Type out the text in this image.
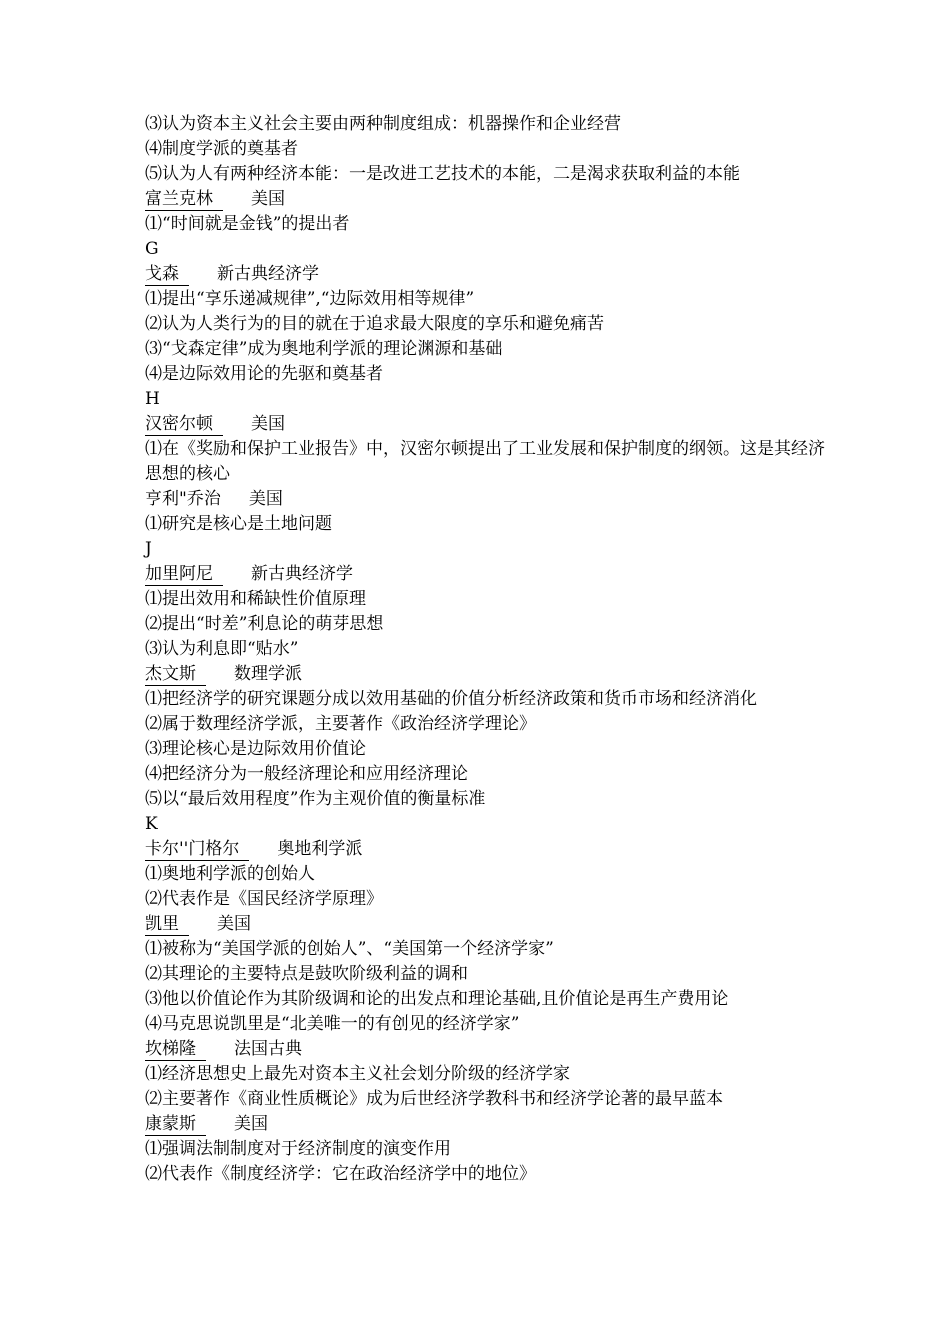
⑶认为资本主义社会主要由两种制度组成：机器操作和企业经营
⑷制度学派的奠基者
⑸认为人有两种经济本能：一是改进工艺技术的本能，二是渴求获取利益的本能
富兰克林 美国
⑴“时间就是金钱”的提出者
G
戈森 新古典经济学
⑴提出“享乐递减规律”,“边际效用相等规律”
⑵认为人类行为的目的就在于追求最大限度的享乐和避免痛苦
⑶“戈森定律”成为奥地利学派的理论渊源和基础
⑷是边际效用论的先驱和奠基者
H
汉密尔顿 美国
⑴在《奖励和保护工业报告》中，汉密尔顿提出了工业发展和保护制度的纲领。这是其经济思想的核心
亨利"乔治 美国
⑴研究是核心是土地问题
J
加里阿尼 新古典经济学
⑴提出效用和稀缺性价值原理
⑵提出“时差”利息论的萌芽思想
⑶认为利息即“贴水”
杰文斯 数理学派
⑴把经济学的研究课题分成以效用基础的价值分析经济政策和货币市场和经济消化
⑵属于数理经济学派，主要著作《政治经济学理论》
⑶理论核心是边际效用价值论
⑷把经济分为一般经济理论和应用经济理论
⑸以“最后效用程度”作为主观价值的衡量标准
K
卡尔''门格尔 奥地利学派
⑴奥地利学派的创始人
⑵代表作是《国民经济学原理》
凯里 美国
⑴被称为“美国学派的创始人”、“美国第一个经济学家”
⑵其理论的主要特点是鼓吹阶级利益的调和
⑶他以价值论作为其阶级调和论的出发点和理论基础,且价值论是再生产费用论
⑷马克思说凯里是“北美唯一的有创见的经济学家”
坎梯隆 法国古典
⑴经济思想史上最先对资本主义社会划分阶级的经济学家
⑵主要著作《商业性质概论》成为后世经济学教科书和经济学论著的最早蓝本
康蒙斯 美国
⑴强调法制制度对于经济制度的演变作用
⑵代表作《制度经济学：它在政治经济学中的地位》
